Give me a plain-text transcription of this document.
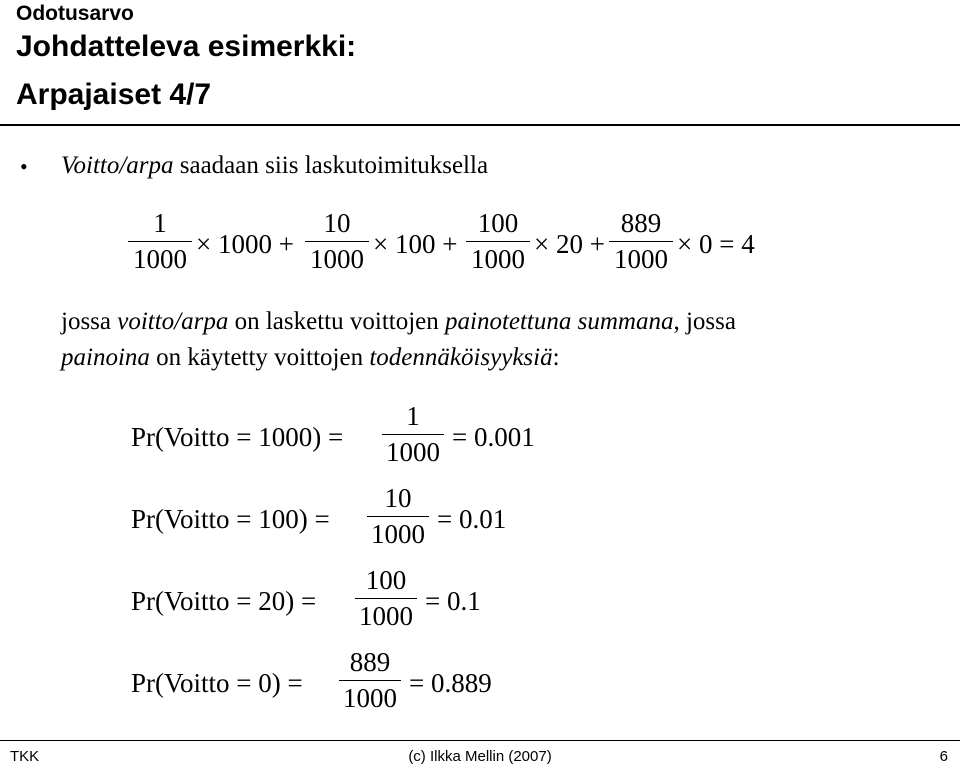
Odotusarvo
Johdatteleva esimerkki:
Arpajaiset 4/7
• Voitto/arpa saadaan siis laskutoimituksella
1
1000 × 1000 +
10
1000 × 100 +
100
1000 × 20 +
889
1000 × 0 = 4
jossa voitto/arpa on laskettu voittojen painotettuna summana, jossa
painoina on käytetty voittojen todennäköisyyksiä:
Pr(Voitto = 1000) =
1
1000 = 0.001
Pr(Voitto = 100) =
10
1000 = 0.01
Pr(Voitto = 20) =
100
1000 = 0.1
Pr(Voitto = 0) =
889
1000 = 0.889
TKK	(c) Ilkka Mellin (2007)	6
